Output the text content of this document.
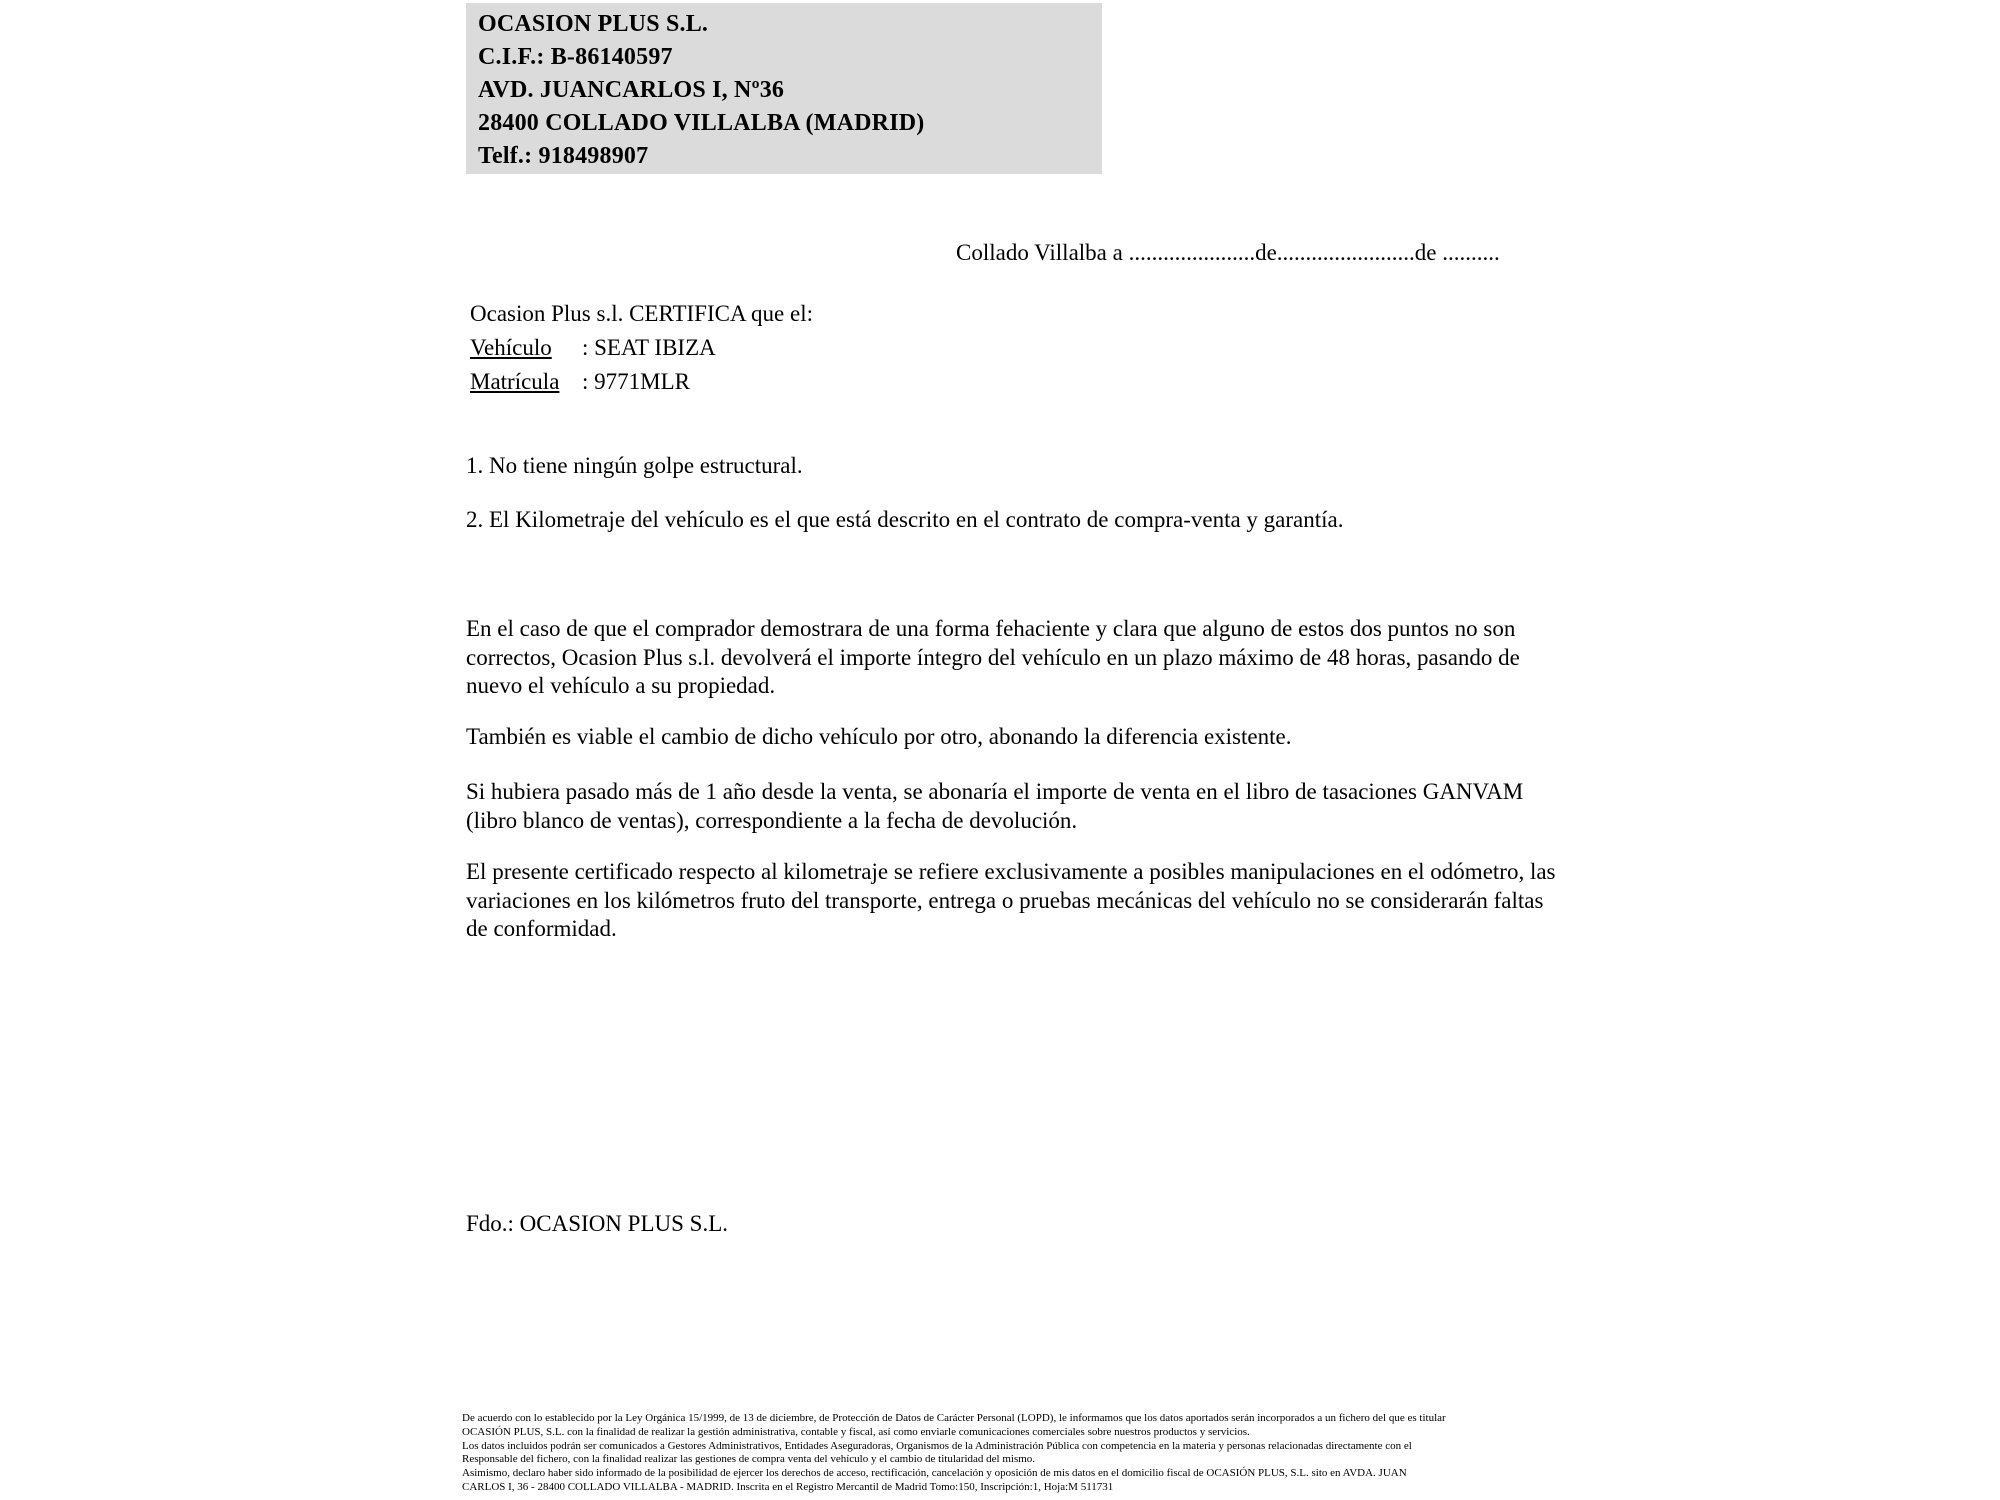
OCASION PLUS S.L.
C.I.F.: B-86140597
AVD. JUANCARLOS I, Nº36
28400 COLLADO VILLALBA (MADRID)
Telf.: 918498907
Collado Villalba a ......................de........................de ..........
Ocasion Plus s.l. CERTIFICA que el:
Vehículo : SEAT IBIZA
Matrícula : 9771MLR
1. No tiene ningún golpe estructural.
2. El Kilometraje del vehículo es el que está descrito en el contrato de compra-venta y garantía.
En el caso de que el comprador demostrara de una forma fehaciente y clara que alguno de estos dos puntos no son correctos, Ocasion Plus s.l. devolverá el importe íntegro del vehículo en un plazo máximo de 48 horas, pasando de nuevo el vehículo a su propiedad.
También es viable el cambio de dicho vehículo por otro, abonando la diferencia existente.
Si hubiera pasado más de 1 año desde la venta, se abonaría el importe de venta en el libro de tasaciones GANVAM (libro blanco de ventas), correspondiente a la fecha de devolución.
El presente certificado respecto al kilometraje se refiere exclusivamente a posibles manipulaciones en el odómetro, las variaciones en los kilómetros fruto del transporte, entrega o pruebas mecánicas del vehículo no se considerarán faltas de conformidad.
Fdo.: OCASION PLUS S.L.
De acuerdo con lo establecido por la Ley Orgánica 15/1999, de 13 de diciembre, de Protección de Datos de Carácter Personal (LOPD), le informamos que los datos aportados serán incorporados a un fichero del que es titular
OCASIÓN PLUS, S.L. con la finalidad de realizar la gestión administrativa, contable y fiscal, así como enviarle comunicaciones comerciales sobre nuestros productos y servicios.
Los datos incluidos podrán ser comunicados a Gestores Administrativos, Entidades Aseguradoras, Organismos de la Administración Pública con competencia en la materia y personas relacionadas directamente con el
Responsable del fichero, con la finalidad realizar las gestiones de compra venta del vehículo y el cambio de titularidad del mismo.
Asimismo, declaro haber sido informado de la posibilidad de ejercer los derechos de acceso, rectificación, cancelación y oposición de mis datos en el domicilio fiscal de OCASIÓN PLUS, S.L. sito en AVDA. JUAN
CARLOS I, 36 - 28400 COLLADO VILLALBA - MADRID. Inscrita en el Registro Mercantil de Madrid Tomo:150, Inscripción:1, Hoja:M 511731
